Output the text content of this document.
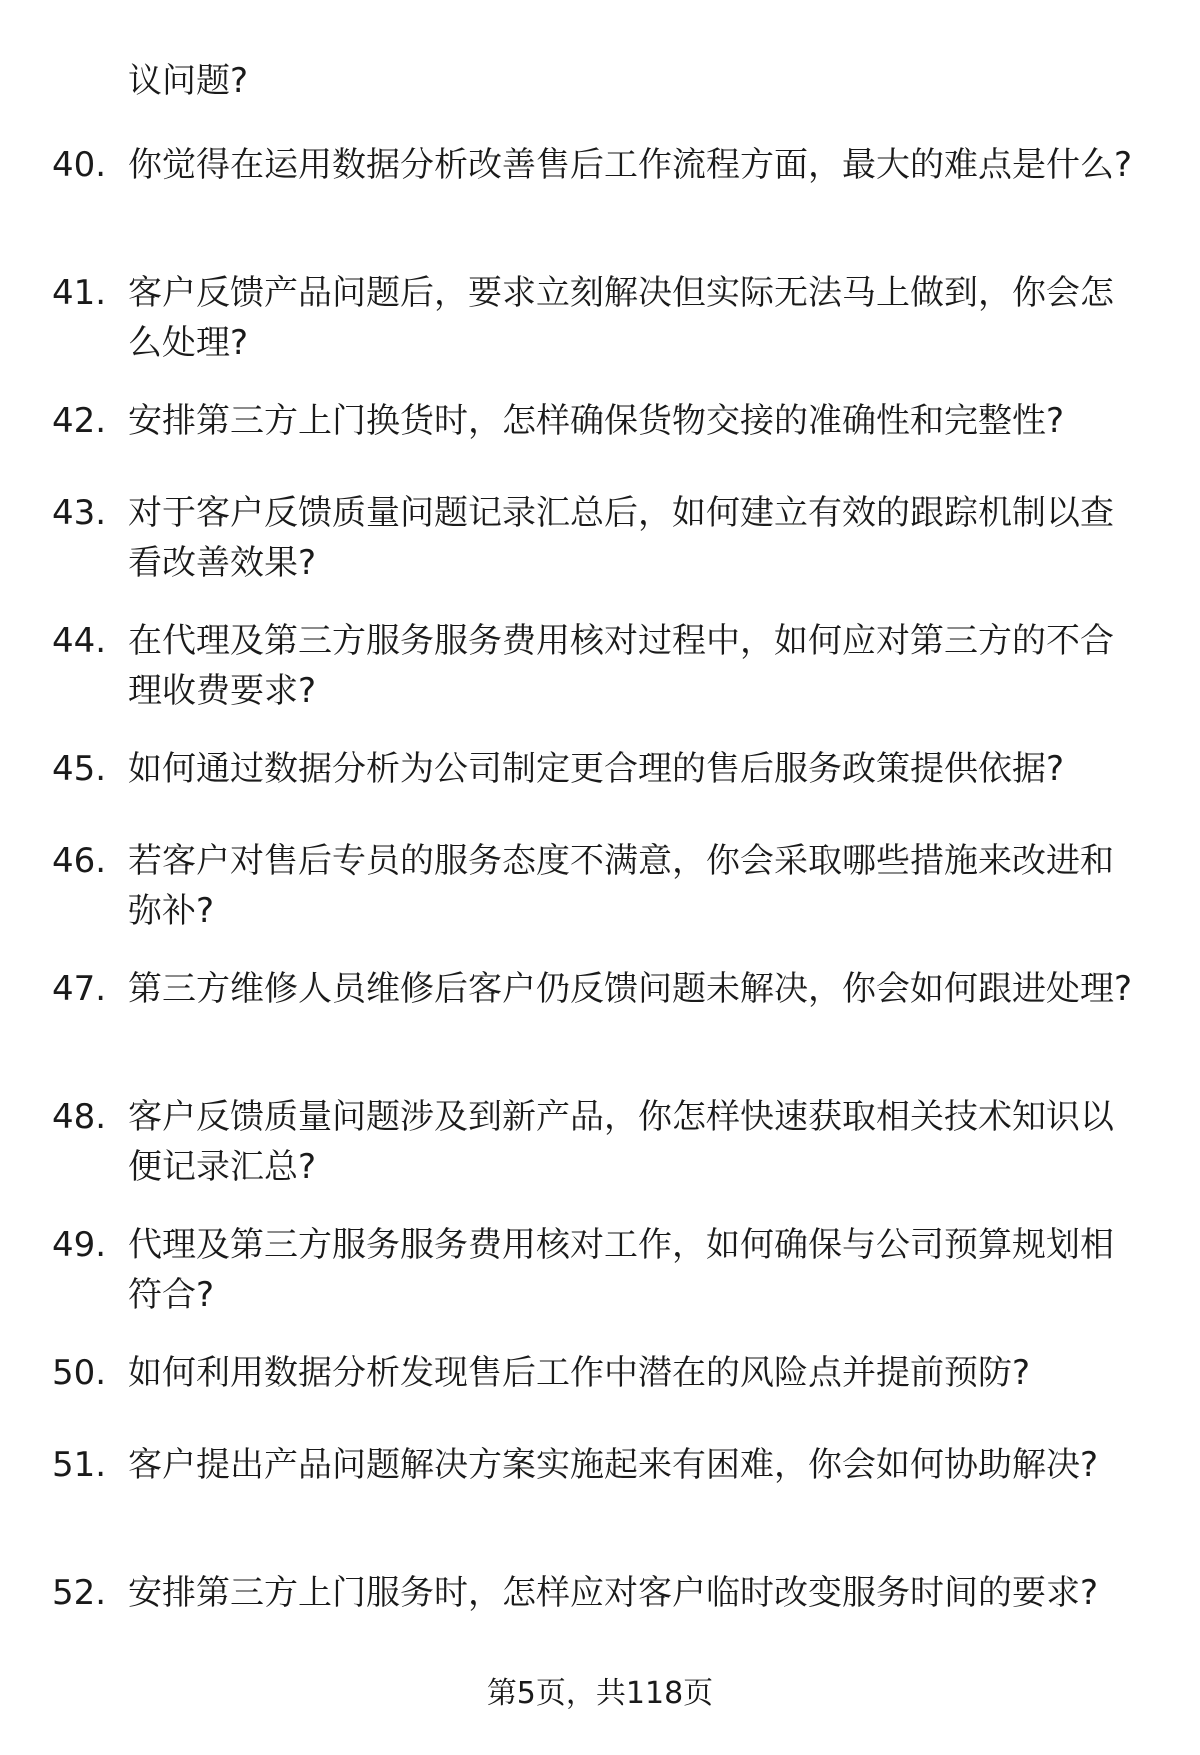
议问题?
40. 你觉得在运用数据分析改善售后工作流程方面，最大的难点是什么?
41. 客户反馈产品问题后，要求立刻解决但实际无法马上做到，你会怎么处理?
42. 安排第三方上门换货时，怎样确保货物交接的准确性和完整性?
43. 对于客户反馈质量问题记录汇总后，如何建立有效的跟踪机制以查看改善效果?
44. 在代理及第三方服务服务费用核对过程中，如何应对第三方的不合理收费要求?
45. 如何通过数据分析为公司制定更合理的售后服务政策提供依据?
46. 若客户对售后专员的服务态度不满意，你会采取哪些措施来改进和弥补?
47. 第三方维修人员维修后客户仍反馈问题未解决，你会如何跟进处理?
48. 客户反馈质量问题涉及到新产品，你怎样快速获取相关技术知识以便记录汇总?
49. 代理及第三方服务服务费用核对工作，如何确保与公司预算规划相符合?
50. 如何利用数据分析发现售后工作中潜在的风险点并提前预防?
51. 客户提出产品问题解决方案实施起来有困难，你会如何协助解决?
52. 安排第三方上门服务时，怎样应对客户临时改变服务时间的要求?
第5页，共118页
